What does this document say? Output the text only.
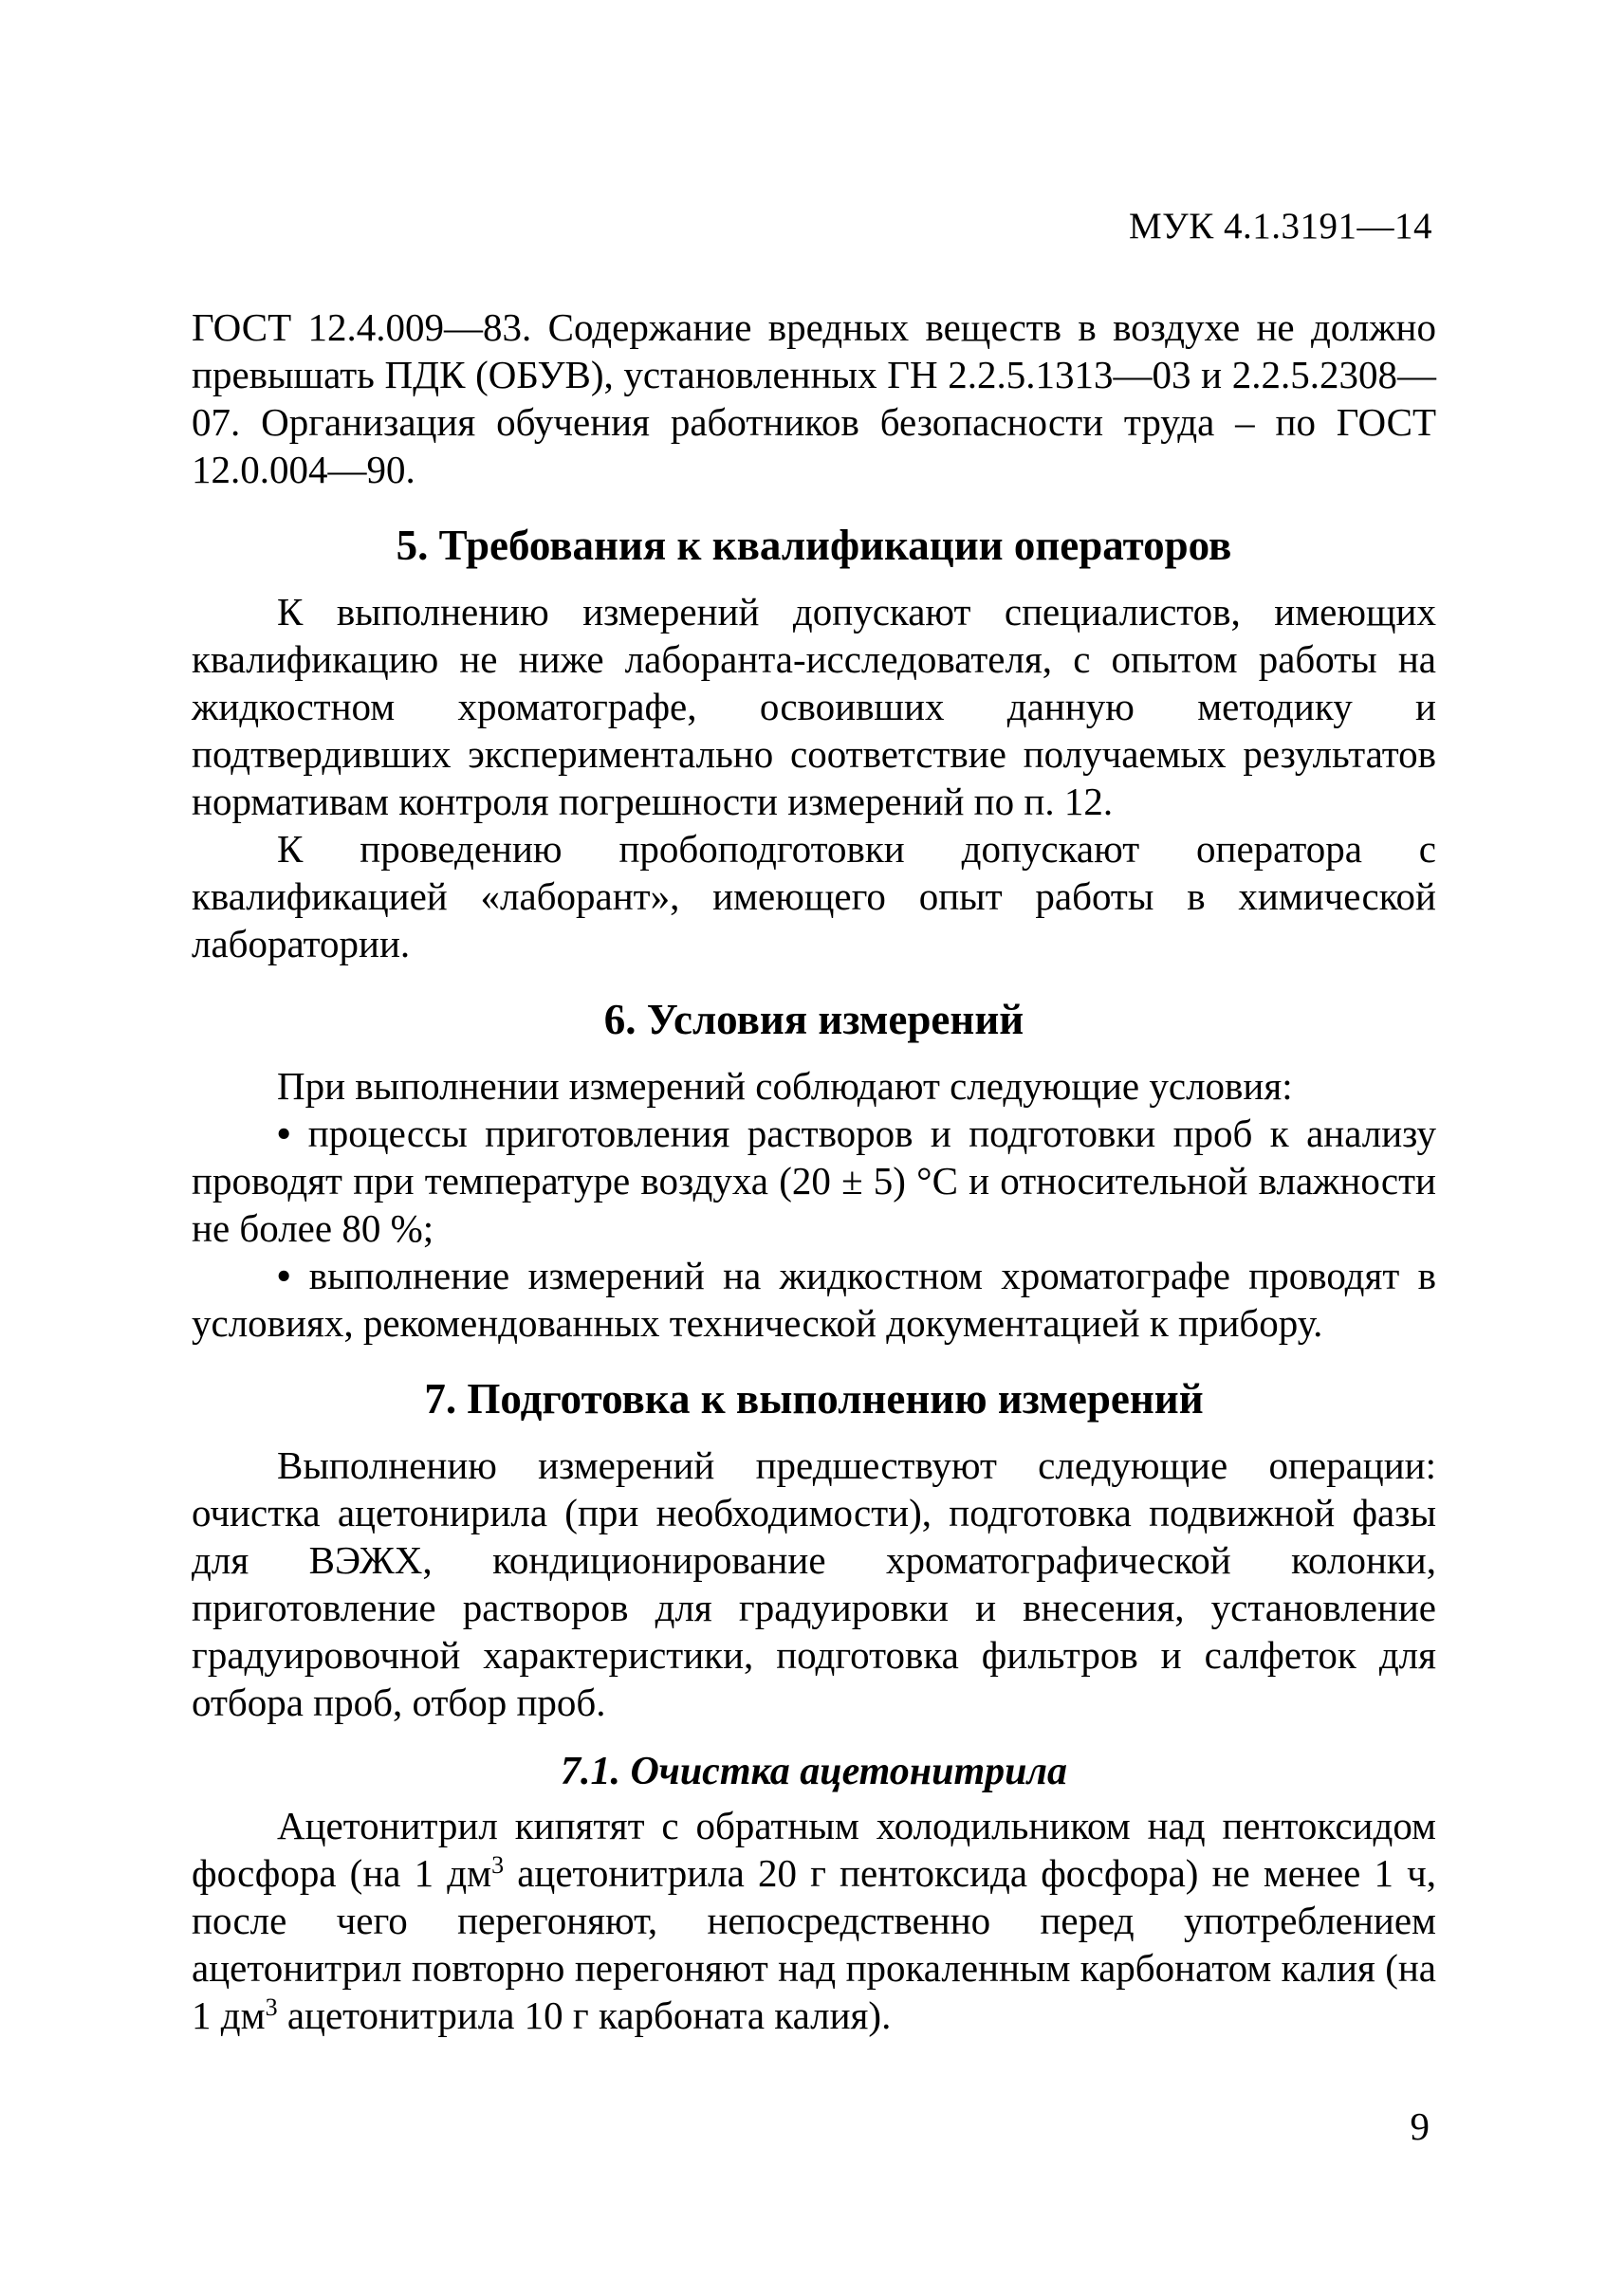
МУК 4.1.3191—14

ГОСТ 12.4.009—83. Содержание вредных веществ в воздухе не должно превышать ПДК (ОБУВ), установленных ГН 2.2.5.1313—03 и 2.2.5.2308—07. Организация обучения работников безопасности труда – по ГОСТ 12.0.004—90.

5. Требования к квалификации операторов

К выполнению измерений допускают специалистов, имеющих квалификацию не ниже лаборанта-исследователя, с опытом работы на жидкостном хроматографе, освоивших данную методику и подтвердивших экспериментально соответствие получаемых результатов нормативам контроля погрешности измерений по п. 12.

К проведению пробоподготовки допускают оператора с квалификацией «лаборант», имеющего опыт работы в химической лаборатории.

6. Условия измерений

При выполнении измерений соблюдают следующие условия:

• процессы приготовления растворов и подготовки проб к анализу проводят при температуре воздуха (20 ± 5) °С и относительной влажности не более 80 %;

• выполнение измерений на жидкостном хроматографе проводят в условиях, рекомендованных технической документацией к прибору.

7. Подготовка к выполнению измерений

Выполнению измерений предшествуют следующие операции: очистка ацетонирила (при необходимости), подготовка подвижной фазы для ВЭЖХ, кондиционирование хроматографической колонки, приготовление растворов для градуировки и внесения, установление градуировочной характеристики, подготовка фильтров и салфеток для отбора проб, отбор проб.

7.1. Очистка ацетонитрила

Ацетонитрил кипятят с обратным холодильником над пентоксидом фосфора (на 1 $дм^3$ ацетонитрила 20 г пентоксида фосфора) не менее 1 ч, после чего перегоняют, непосредственно перед употреблением ацетонитрил повторно перегоняют над прокаленным карбонатом калия (на 1 $дм^3$ ацетонитрила 10 г карбоната калия).

9
